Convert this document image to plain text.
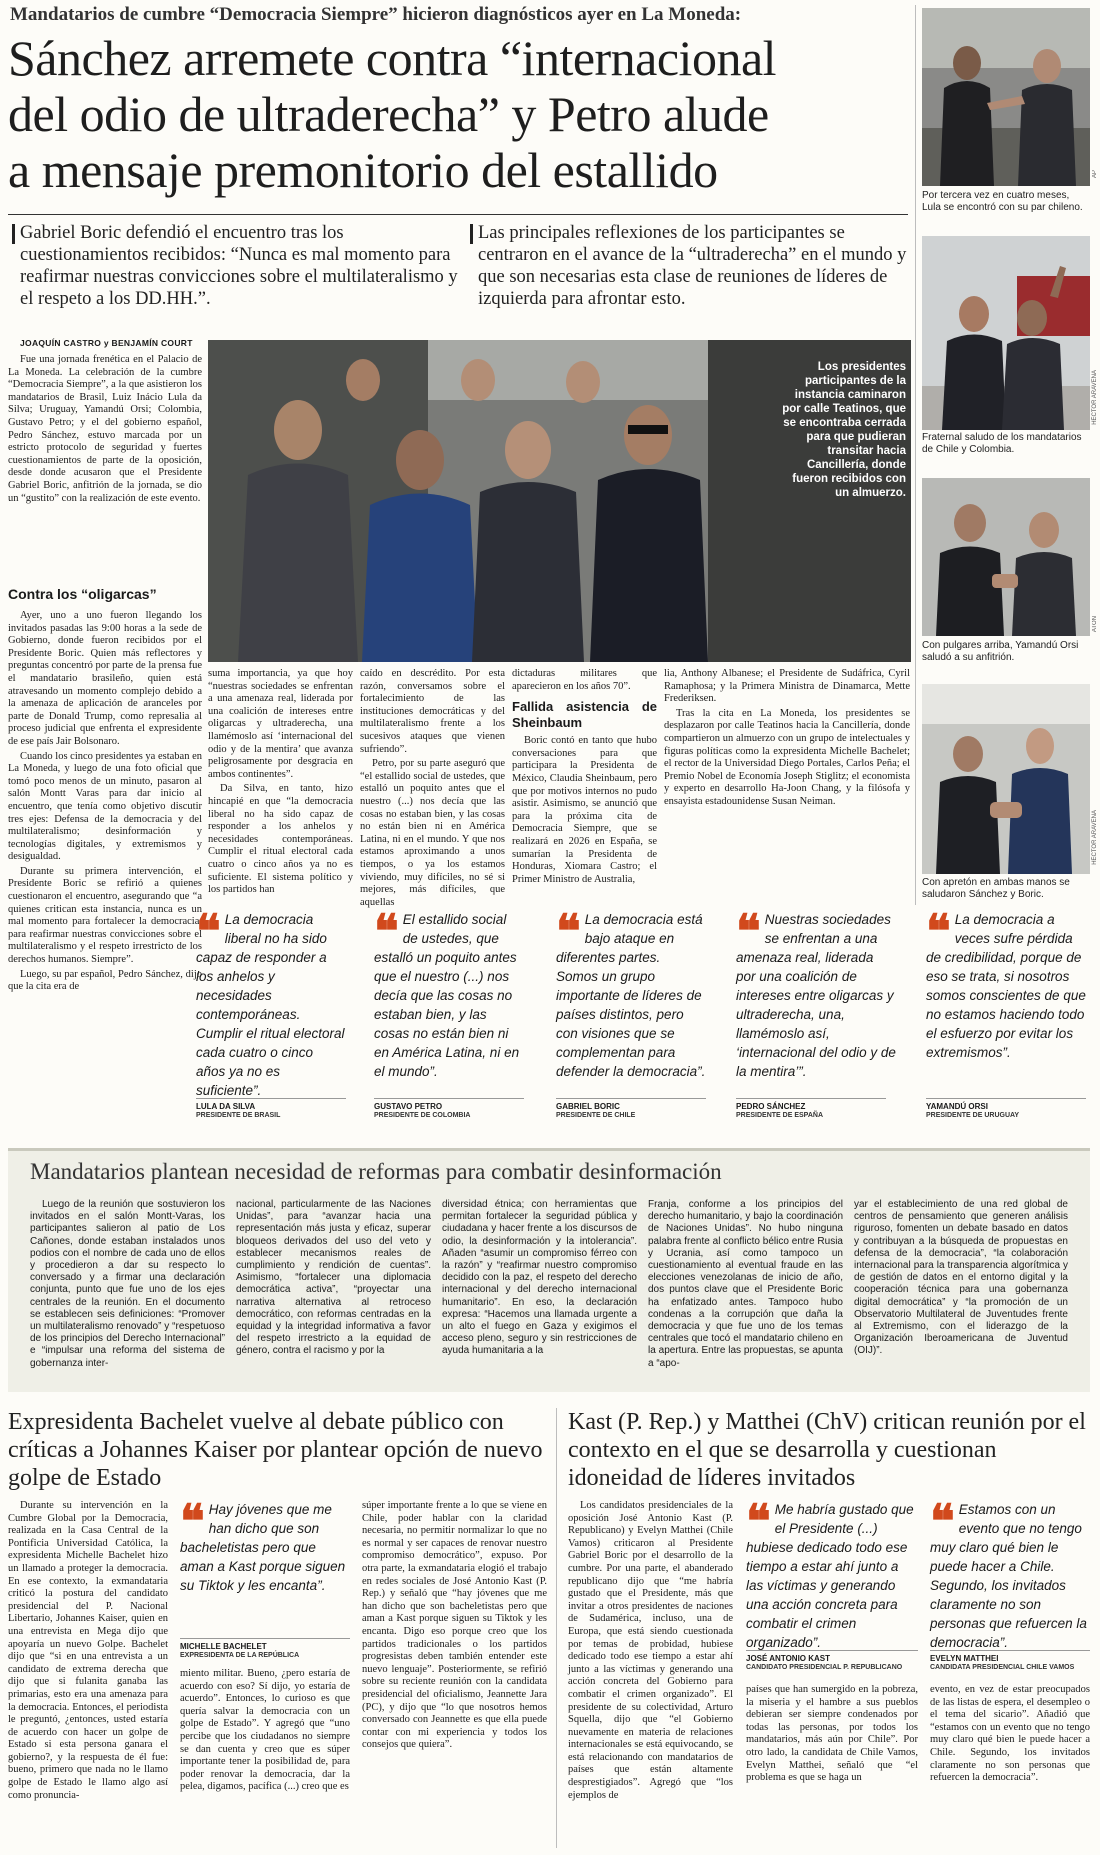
Mandatarios de cumbre “Democracia Siempre” hicieron diagnósticos ayer en La Moneda:
Sánchez arremete contra “internacional
del odio de ultraderecha” y Petro alude
a mensaje premonitorio del estallido
Gabriel Boric defendió el encuentro tras los cuestionamientos recibidos: “Nunca es mal momento para reafirmar nuestras convicciones sobre el multilateralismo y el respeto a los DD.HH.”.
Las principales reflexiones de los participantes se centraron en el avance de la “ultraderecha” en el mundo y que son necesarias esta clase de reuniones de líderes de izquierda para afrontar esto.
Por tercera vez en cuatro meses, Lula se encontró con su par chileno.
AP
Fraternal saludo de los mandatarios de Chile y Colombia.
HÉCTOR ARAVENA
Con pulgares arriba, Yamandú Orsi saludó a su anfitrión.
ATON
Con apretón en ambas manos se saludaron Sánchez y Boric.
HÉCTOR ARAVENA
JOAQUÍN CASTRO y BENJAMÍN COURT

Fue una jornada frenética en el Palacio de La Moneda. La celebración de la cumbre “Democracia Siempre”, a la que asistieron los mandatarios de Brasil, Luiz Inácio Lula da Silva; Uruguay, Yamandú Orsi; Colombia, Gustavo Petro; y el del gobierno español, Pedro Sánchez, estuvo marcada por un estricto protocolo de seguridad y fuertes cuestionamientos de parte de la oposición, desde donde acusaron que el Presidente Gabriel Boric, anfitrión de la jornada, se dio un “gustito” con la realización de este evento.

Contra los “oligarcas”

Ayer, uno a uno fueron llegando los invitados pasadas las 9:00 horas a la sede de Gobierno, donde fueron recibidos por el Presidente Boric. Quien más reflectores y preguntas concentró por parte de la prensa fue el mandatario brasileño, quien está atravesando un momento complejo debido a la amenaza de aplicación de aranceles por parte de Donald Trump, como represalia al proceso judicial que enfrenta el expresidente de ese país Jair Bolsonaro.

Cuando los cinco presidentes ya estaban en La Moneda, y luego de una foto oficial que tomó poco menos de un minuto, pasaron al salón Montt Varas para dar inicio al encuentro, que tenía como objetivo discutir tres ejes: Defensa de la democracia y del multilateralismo; desinformación y tecnologías digitales, y extremismos y desigualdad.

Durante su primera intervención, el Presidente Boric se refirió a quienes cuestionaron el encuentro, asegurando que “a quienes critican esta instancia, nunca es un mal momento para fortalecer la democracia, para reafirmar nuestras convicciones sobre el multilateralismo y el respeto irrestricto de los derechos humanos. Siempre”.

Luego, su par español, Pedro Sánchez, dijo que la cita era de

Los presidentes participantes de la instancia caminaron por calle Teatinos, que se encontraba cerrada para que pudieran transitar hacia Cancillería, donde fueron recibidos con un almuerzo.

suma importancia, ya que hoy “nuestras sociedades se enfrentan a una amenaza real, liderada por una coalición de intereses entre oligarcas y ultraderecha, una llamémoslo así ‘internacional del odio y de la mentira’ que avanza peligrosamente por desgracia en ambos continentes”.

Da Silva, en tanto, hizo hincapié en que “la democracia liberal no ha sido capaz de responder a los anhelos y necesidades contemporáneas. Cumplir el ritual electoral cada cuatro o cinco años ya no es suficiente. El sistema político y los partidos han

caído en descrédito. Por esta razón, conversamos sobre el fortalecimiento de las instituciones democráticas y del multilateralismo frente a los sucesivos ataques que vienen sufriendo”.

Petro, por su parte aseguró que “el estallido social de ustedes, que estalló un poquito antes que el nuestro (...) nos decía que las cosas no estaban bien, y las cosas no están bien ni en América Latina, ni en el mundo. Y que nos estamos aproximando a unos tiempos, o ya los estamos viviendo, muy difíciles, no sé si mejores, más difíciles, que aquellas

dictaduras militares que aparecieron en los años 70”.

Fallida asistencia de Sheinbaum

Boric contó en tanto que hubo conversaciones para que participara la Presidenta de México, Claudia Sheinbaum, pero que por motivos internos no pudo asistir. Asimismo, se anunció que para la próxima cita de Democracia Siempre, que se realizará en 2026 en España, se sumarían la Presidenta de Honduras, Xiomara Castro; el Primer Ministro de Australia,

lia, Anthony Albanese; el Presidente de Sudáfrica, Cyril Ramaphosa; y la Primera Ministra de Dinamarca, Mette Frederiksen.

Tras la cita en La Moneda, los presidentes se desplazaron por calle Teatinos hacia la Cancillería, donde compartieron un almuerzo con un grupo de intelectuales y figuras políticas como la expresidenta Michelle Bachelet; el rector de la Universidad Diego Portales, Carlos Peña; el Premio Nobel de Economía Joseph Stiglitz; el economista y experto en desarrollo Ha-Joon Chang, y la filósofa y ensayista estadounidense Susan Neiman.

❝ La democracia liberal no ha sido capaz de responder a los anhelos y necesidades contemporáneas. Cumplir el ritual electoral cada cuatro o cinco años ya no es suficiente”.
LULA DA SILVA
PRESIDENTE DE BRASIL
❝ El estallido social de ustedes, que estalló un poquito antes que el nuestro (...) nos decía que las cosas no estaban bien, y las cosas no están bien ni en América Latina, ni en el mundo”.
GUSTAVO PETRO
PRESIDENTE DE COLOMBIA
❝ La democracia está bajo ataque en diferentes partes. Somos un grupo importante de líderes de países distintos, pero con visiones que se complementan para defender la democracia”.
GABRIEL BORIC
PRESIDENTE DE CHILE
❝ Nuestras sociedades se enfrentan a una amenaza real, liderada por una coalición de intereses entre oligarcas y ultraderecha, una, llamémoslo así, ‘internacional del odio y de la mentira’”.
PEDRO SÁNCHEZ
PRESIDENTE DE ESPAÑA
❝ La democracia a veces sufre pérdida de credibilidad, porque de eso se trata, si nosotros somos conscientes de que no estamos haciendo todo el esfuerzo por evitar los extremismos”.
YAMANDÚ ORSI
PRESIDENTE DE URUGUAY
Mandatarios plantean necesidad de reformas para combatir desinformación

Luego de la reunión que sostuvieron los invitados en el salón Montt-Varas, los participantes salieron al patio de Los Cañones, donde estaban instalados unos podios con el nombre de cada uno de ellos y procedieron a dar su respecto lo conversado y a firmar una declaración conjunta, punto que fue uno de los ejes centrales de la reunión. En el documento se establecen seis definiciones: “Promover un multilateralismo renovado” y “respetuoso de los principios del Derecho Internacional” e “impulsar una reforma del sistema de gobernanza inter-

nacional, particularmente de las Naciones Unidas”, para “avanzar hacia una representación más justa y eficaz, superar bloqueos derivados del uso del veto y establecer mecanismos reales de cumplimiento y rendición de cuentas”. Asimismo, “fortalecer una diplomacia democrática activa”, “proyectar una narrativa alternativa al retroceso democrático, con reformas centradas en la equidad y la integridad informativa a favor del respeto irrestricto a la equidad de género, contra el racismo y por la

diversidad étnica; con herramientas que permitan fortalecer la seguridad pública y ciudadana y hacer frente a los discursos de odio, la desinformación y la intolerancia”. Añaden “asumir un compromiso férreo con la razón” y “reafirmar nuestro compromiso decidido con la paz, el respeto del derecho internacional y del derecho internacional humanitario”. En eso, la declaración expresa: “Hacemos una llamada urgente a un alto el fuego en Gaza y exigimos el acceso pleno, seguro y sin restricciones de ayuda humanitaria a la

Franja, conforme a los principios del derecho humanitario, y bajo la coordinación de Naciones Unidas”. No hubo ninguna palabra frente al conflicto bélico entre Rusia y Ucrania, así como tampoco un cuestionamiento al eventual fraude en las elecciones venezolanas de inicio de año, dos puntos clave que el Presidente Boric ha enfatizado antes. Tampoco hubo condenas a la corrupción que daña la democracia y que fue uno de los temas centrales que tocó el mandatario chileno en la apertura. Entre las propuestas, se apunta a “apo-

yar el establecimiento de una red global de centros de pensamiento que generen análisis riguroso, fomenten un debate basado en datos y contribuyan a la búsqueda de propuestas en defensa de la democracia”, “la colaboración internacional para la transparencia algorítmica y de gestión de datos en el entorno digital y la cooperación técnica para una gobernanza digital democrática” y “la promoción de un Observatorio Multilateral de Juventudes frente al Extremismo, con el liderazgo de la Organización Iberoamericana de Juventud (OIJ)”.

Expresidenta Bachelet vuelve al debate público con críticas a Johannes Kaiser por plantear opción de nuevo golpe de Estado

Durante su intervención en la Cumbre Global por la Democracia, realizada en la Casa Central de la Pontificia Universidad Católica, la expresidenta Michelle Bachelet hizo un llamado a proteger la democracia. En ese contexto, la exmandataria criticó la postura del candidato presidencial del P. Nacional Libertario, Johannes Kaiser, quien en una entrevista en Mega dijo que apoyaría un nuevo Golpe. Bachelet dijo que “si en una entrevista a un candidato de extrema derecha que dijo que si fulanita ganaba las primarias, esto era una amenaza para la democracia. Entonces, el periodista le preguntó, ¿entonces, usted estaría de acuerdo con hacer un golpe de Estado si esta persona ganara el gobierno?, y la respuesta de él fue: bueno, primero que nada no le llamo golpe de Estado le llamo algo así como pronuncia-

❝ Hay jóvenes que me han dicho que son bacheletistas pero que aman a Kast porque siguen su Tiktok y les encanta”.
MICHELLE BACHELET
EXPRESIDENTA DE LA REPÚBLICA

miento militar. Bueno, ¿pero estaría de acuerdo con eso? Sí dijo, yo estaría de acuerdo”. Entonces, lo curioso es que quería salvar la democracia con un golpe de Estado”. Y agregó que “uno percibe que los ciudadanos no siempre se dan cuenta y creo que es súper importante tener la posibilidad de, para poder renovar la democracia, dar la pelea, digamos, pacífica (...) creo que es

súper importante frente a lo que se viene en Chile, poder hablar con la claridad necesaria, no permitir normalizar lo que no es normal y ser capaces de renovar nuestro compromiso democrático”, expuso. Por otra parte, la exmandataria elogió el trabajo en redes sociales de José Antonio Kast (P. Rep.) y señaló que “hay jóvenes que me han dicho que son bacheletistas pero que aman a Kast porque siguen su Tiktok y les encanta. Digo eso porque creo que los partidos tradicionales o los partidos progresistas deben también entender este nuevo lenguaje”. Posteriormente, se refirió sobre su reciente reunión con la candidata presidencial del oficialismo, Jeannette Jara (PC), y dijo que “lo que nosotros hemos conversado con Jeannette es que ella puede contar con mi experiencia y todos los consejos que quiera”.

Kast (P. Rep.) y Matthei (ChV) critican reunión por el contexto en el que se desarrolla y cuestionan idoneidad de líderes invitados

Los candidatos presidenciales de la oposición José Antonio Kast (P. Republicano) y Evelyn Matthei (Chile Vamos) criticaron al Presidente Gabriel Boric por el desarrollo de la cumbre. Por una parte, el abanderado republicano dijo que “me habría gustado que el Presidente, más que invitar a otros presidentes de naciones de Sudamérica, incluso, una de Europa, que está siendo cuestionada por temas de probidad, hubiese dedicado todo ese tiempo a estar ahí junto a las víctimas y generando una acción concreta del Gobierno para combatir el crimen organizado”. El presidente de su colectividad, Arturo Squella, dijo que “el Gobierno nuevamente en materia de relaciones internacionales se está equivocando, se está relacionando con mandatarios de países que están altamente desprestigiados”. Agregó que “los ejemplos de

❝ Me habría gustado que el Presidente (...) hubiese dedicado todo ese tiempo a estar ahí junto a las víctimas y generando una acción concreta para combatir el crimen organizado”.
JOSÉ ANTONIO KAST
CANDIDATO PRESIDENCIAL P. REPUBLICANO
❝ Estamos con un evento que no tengo muy claro qué bien le puede hacer a Chile. Segundo, los invitados claramente no son personas que refuercen la democracia”.
EVELYN MATTHEI
CANDIDATA PRESIDENCIAL CHILE VAMOS

países que han sumergido en la pobreza, la miseria y el hambre a sus pueblos debieran ser siempre condenados por todas las personas, por todos los mandatarios, más aún por Chile”. Por otro lado, la candidata de Chile Vamos, Evelyn Matthei, señaló que “el problema es que se haga un

evento, en vez de estar preocupados de las listas de espera, el desempleo o el tema del sicario”. Añadió que “estamos con un evento que no tengo muy claro qué bien le puede hacer a Chile. Segundo, los invitados claramente no son personas que refuercen la democracia”.
